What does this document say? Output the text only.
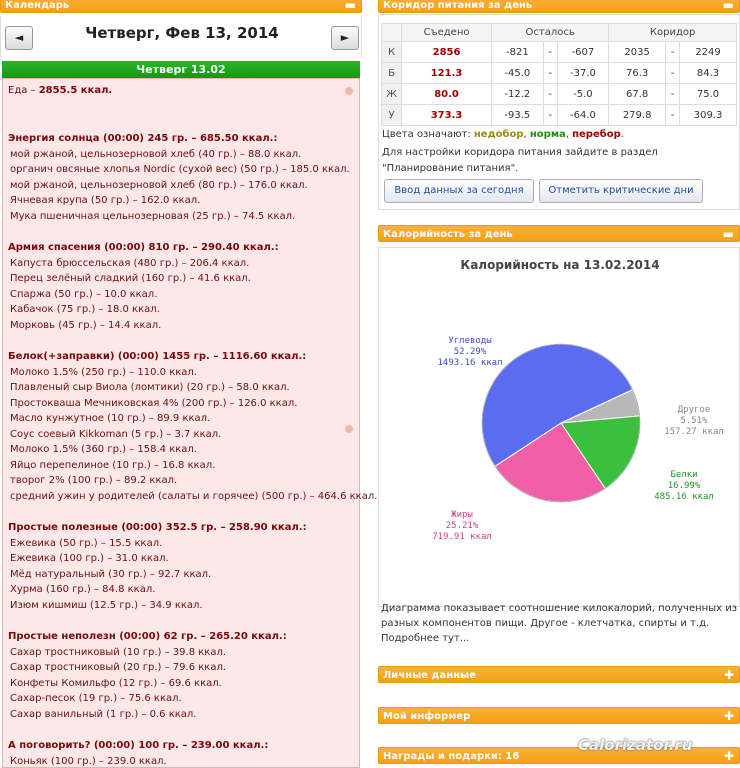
Календарь	▬
◄	Четверг, Фев 13, 2014	►
Четверг 13.02
Еда – 2855.5 ккал.
Энергия солнца (00:00) 245 гр. – 685.50 ккал.:
мой ржаной, цельнозерновой хлеб (40 гр.) – 88.0 ккал.
органич овсяные хлопья Nordic (сухой вес) (50 гр.) – 185.0 ккал.
мой ржаной, цельнозерновой хлеб (80 гр.) – 176.0 ккал.
Ячневая крупа (50 гр.) – 162.0 ккал.
Мука пшеничная цельнозерновая (25 гр.) – 74.5 ккал.
Армия спасения (00:00) 810 гр. – 290.40 ккал.:
Капуста брюссельская (480 гр.) – 206.4 ккал.
Перец зелёный сладкий (160 гр.) – 41.6 ккал.
Спаржа (50 гр.) – 10.0 ккал.
Кабачок (75 гр.) – 18.0 ккал.
Морковь (45 гр.) – 14.4 ккал.
Белок(+заправки) (00:00) 1455 гр. – 1116.60 ккал.:
Молоко 1.5% (250 гр.) – 110.0 ккал.
Плавленый сыр Виола (ломтики) (20 гр.) – 58.0 ккал.
Простокваша Мечниковская 4% (200 гр.) – 126.0 ккал.
Масло кунжутное (10 гр.) – 89.9 ккал.
Соус соевый Kikkoman (5 гр.) – 3.7 ккал.
Молоко 1.5% (360 гр.) – 158.4 ккал.
Яйцо перепелиное (10 гр.) – 16.8 ккал.
творог 2% (100 гр.) – 89.2 ккал.
средний ужин у родителей (салаты и горячее) (500 гр.) – 464.6 ккал.
Простые полезные (00:00) 352.5 гр. – 258.90 ккал.:
Ежевика (50 гр.) – 15.5 ккал.
Ежевика (100 гр.) – 31.0 ккал.
Мёд натуральный (30 гр.) – 92.7 ккал.
Хурма (160 гр.) – 84.8 ккал.
Изюм кишмиш (12.5 гр.) – 34.9 ккал.
Простые неполезн (00:00) 62 гр. – 265.20 ккал.:
Сахар тростниковый (10 гр.) – 39.8 ккал.
Сахар тростниковый (20 гр.) – 79.6 ккал.
Конфеты Комильфо (12 гр.) – 69.6 ккал.
Сахар-песок (19 гр.) – 75.6 ккал.
Сахар ванильный (1 гр.) – 0.6 ккал.
А поговорить? (00:00) 100 гр. – 239.00 ккал.:
Коньяк (100 гр.) – 239.0 ккал.
Коридор питания за день	▬
	Съедено	Осталось			Коридор		
К	2856	-821	-	-607	2035	-	2249
Б	121.3	-45.0	-	-37.0	76.3	-	84.3
Ж	80.0	-12.2	-	-5.0	67.8	-	75.0
У	373.3	-93.5	-	-64.0	279.8	-	309.3
Цвета означают: недобор, норма, перебор.
Для настройки коридора питания зайдите в раздел
"Планирование питания".
Ввод данных за сегодня	Отметить критические дни
Калорийность за день	▬
Калорийность на 13.02.2014
Углеводы
52.29%
1493.16 ккал
Жиры
25.21%
719.91 ккал
Белки
16.99%
485.16 ккал
Другое
5.51%
157.27 ккал
Диаграмма показывает соотношение килокалорий, полученных из разных компонентов пищи. Другое - клетчатка, спирты и т.д. Подробнее тут...
Личные данные	✚
Мой информер	✚
Награды и подарки: 16	✚
Calorizator.ru
